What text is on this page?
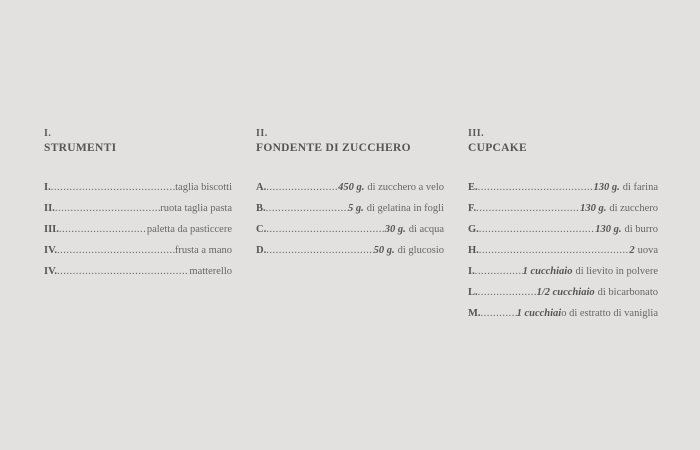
I.
STRUMENTI
I. .....	taglia biscotti
II. .....	ruota taglia pasta
III. .....	paletta da pasticcere
IV. .....	frusta a mano
IV. .....	matterello
II.
FONDENTE DI ZUCCHERO
A. .....	450 g. di zucchero a velo
B. .....	5 g. di gelatina in fogli
C. .....	30 g. di acqua
D. .....	50 g. di glucosio
III.
CUPCAKE
E. .....	130 g. di farina
F. .....	130 g. di zucchero
G. .....	130 g. di burro
H. .....	2 uova
I. .....	1 cucchiaio di lievito in polvere
L. .....	1/2 cucchiaio di bicarbonato
M. .....	1 cucchiai o di estratto di vaniglia
